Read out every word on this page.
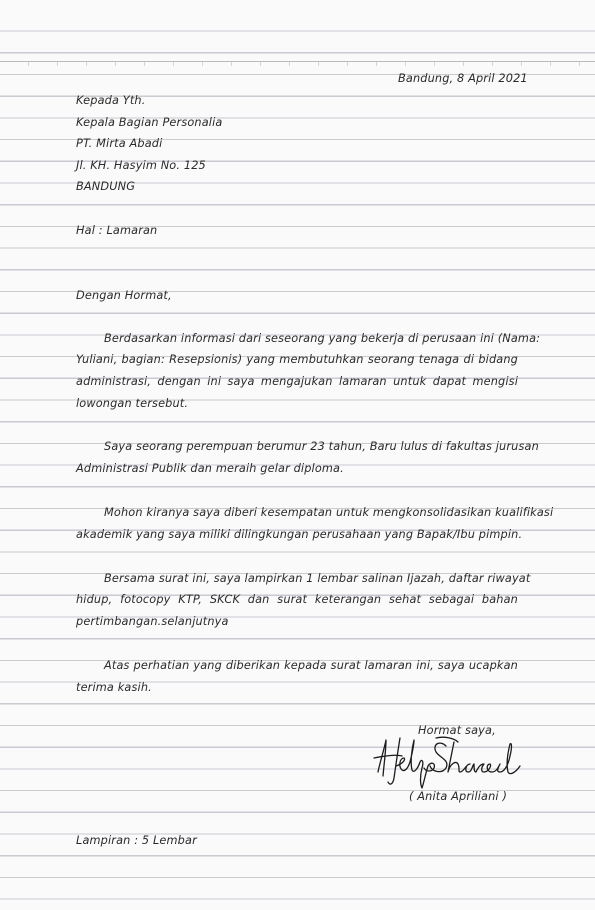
Bandung, 8 April 2021
Kepada Yth.
Kepala Bagian Personalia
PT. Mirta Abadi
Jl. KH. Hasyim No. 125
BANDUNG
Hal : Lamaran
Dengan Hormat,
Berdasarkan informasi dari seseorang yang bekerja di perusaan ini (Nama:
Yuliani, bagian: Resepsionis) yang membutuhkan seorang tenaga di bidang
administrasi, dengan ini saya mengajukan lamaran untuk dapat mengisi
lowongan tersebut.
Saya seorang perempuan berumur 23 tahun, Baru lulus di fakultas jurusan
Administrasi Publik dan meraih gelar diploma.
Mohon kiranya saya diberi kesempatan untuk mengkonsolidasikan kualifikasi
akademik yang saya miliki dilingkungan perusahaan yang Bapak/Ibu pimpin.
Bersama surat ini, saya lampirkan 1 lembar salinan Ijazah, daftar riwayat
hidup, fotocopy KTP, SKCK dan surat keterangan sehat sebagai bahan
pertimbangan.selanjutnya
Atas perhatian yang diberikan kepada surat lamaran ini, saya ucapkan
terima kasih.
Hormat saya,
( Anita Apriliani )
Lampiran : 5 Lembar
